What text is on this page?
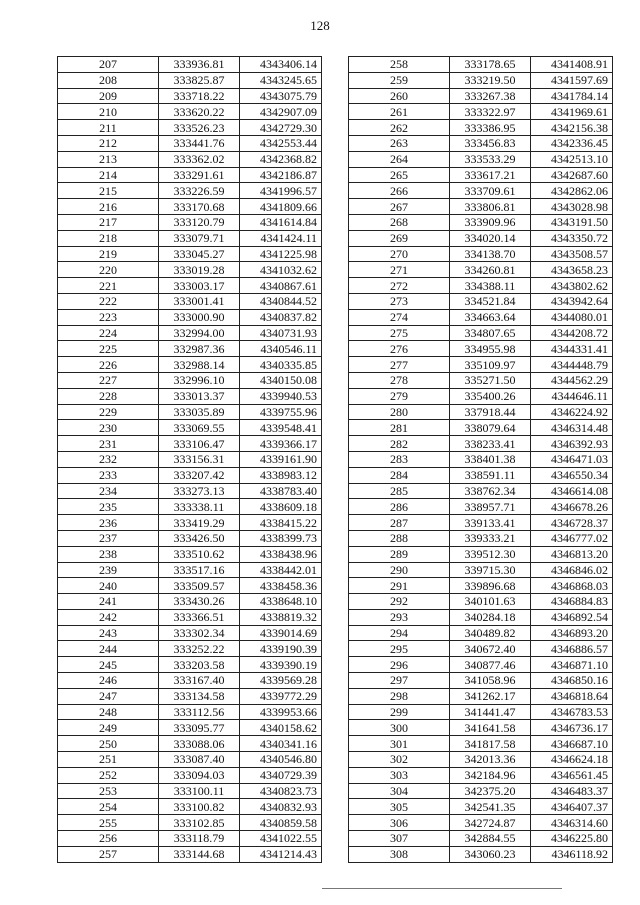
128
207	333936.81	4343406.14
208	333825.87	4343245.65
209	333718.22	4343075.79
210	333620.22	4342907.09
211	333526.23	4342729.30
212	333441.76	4342553.44
213	333362.02	4342368.82
214	333291.61	4342186.87
215	333226.59	4341996.57
216	333170.68	4341809.66
217	333120.79	4341614.84
218	333079.71	4341424.11
219	333045.27	4341225.98
220	333019.28	4341032.62
221	333003.17	4340867.61
222	333001.41	4340844.52
223	333000.90	4340837.82
224	332994.00	4340731.93
225	332987.36	4340546.11
226	332988.14	4340335.85
227	332996.10	4340150.08
228	333013.37	4339940.53
229	333035.89	4339755.96
230	333069.55	4339548.41
231	333106.47	4339366.17
232	333156.31	4339161.90
233	333207.42	4338983.12
234	333273.13	4338783.40
235	333338.11	4338609.18
236	333419.29	4338415.22
237	333426.50	4338399.73
238	333510.62	4338438.96
239	333517.16	4338442.01
240	333509.57	4338458.36
241	333430.26	4338648.10
242	333366.51	4338819.32
243	333302.34	4339014.69
244	333252.22	4339190.39
245	333203.58	4339390.19
246	333167.40	4339569.28
247	333134.58	4339772.29
248	333112.56	4339953.66
249	333095.77	4340158.62
250	333088.06	4340341.16
251	333087.40	4340546.80
252	333094.03	4340729.39
253	333100.11	4340823.73
254	333100.82	4340832.93
255	333102.85	4340859.58
256	333118.79	4341022.55
257	333144.68	4341214.43
258	333178.65	4341408.91
259	333219.50	4341597.69
260	333267.38	4341784.14
261	333322.97	4341969.61
262	333386.95	4342156.38
263	333456.83	4342336.45
264	333533.29	4342513.10
265	333617.21	4342687.60
266	333709.61	4342862.06
267	333806.81	4343028.98
268	333909.96	4343191.50
269	334020.14	4343350.72
270	334138.70	4343508.57
271	334260.81	4343658.23
272	334388.11	4343802.62
273	334521.84	4343942.64
274	334663.64	4344080.01
275	334807.65	4344208.72
276	334955.98	4344331.41
277	335109.97	4344448.79
278	335271.50	4344562.29
279	335400.26	4344646.11
280	337918.44	4346224.92
281	338079.64	4346314.48
282	338233.41	4346392.93
283	338401.38	4346471.03
284	338591.11	4346550.34
285	338762.34	4346614.08
286	338957.71	4346678.26
287	339133.41	4346728.37
288	339333.21	4346777.02
289	339512.30	4346813.20
290	339715.30	4346846.02
291	339896.68	4346868.03
292	340101.63	4346884.83
293	340284.18	4346892.54
294	340489.82	4346893.20
295	340672.40	4346886.57
296	340877.46	4346871.10
297	341058.96	4346850.16
298	341262.17	4346818.64
299	341441.47	4346783.53
300	341641.58	4346736.17
301	341817.58	4346687.10
302	342013.36	4346624.18
303	342184.96	4346561.45
304	342375.20	4346483.37
305	342541.35	4346407.37
306	342724.87	4346314.60
307	342884.55	4346225.80
308	343060.23	4346118.92
